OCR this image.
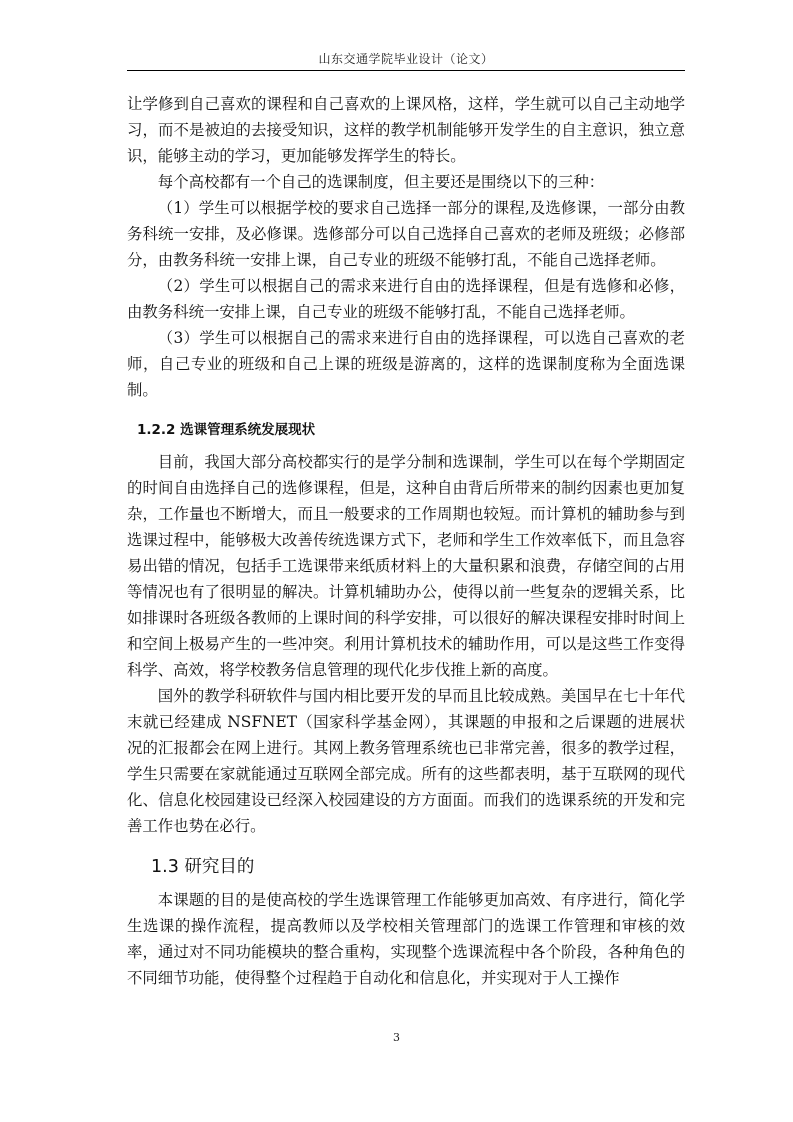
山东交通学院毕业设计（论文）

让学修到自己喜欢的课程和自己喜欢的上课风格，这样，学生就可以自己主动地学习，而不是被迫的去接受知识，这样的教学机制能够开发学生的自主意识，独立意识，能够主动的学习，更加能够发挥学生的特长。

每个高校都有一个自己的选课制度，但主要还是围绕以下的三种：

（1）学生可以根据学校的要求自己选择一部分的课程,及选修课，一部分由教务科统一安排，及必修课。选修部分可以自己选择自己喜欢的老师及班级；必修部分，由教务科统一安排上课，自己专业的班级不能够打乱，不能自己选择老师。

（2）学生可以根据自己的需求来进行自由的选择课程，但是有选修和必修，由教务科统一安排上课，自己专业的班级不能够打乱，不能自己选择老师。

（3）学生可以根据自己的需求来进行自由的选择课程，可以选自己喜欢的老师，自己专业的班级和自己上课的班级是游离的，这样的选课制度称为全面选课制。

1.2.2 选课管理系统发展现状

目前，我国大部分高校都实行的是学分制和选课制，学生可以在每个学期固定的时间自由选择自己的选修课程，但是，这种自由背后所带来的制约因素也更加复杂，工作量也不断增大，而且一般要求的工作周期也较短。而计算机的辅助参与到选课过程中，能够极大改善传统选课方式下，老师和学生工作效率低下，而且急容易出错的情况，包括手工选课带来纸质材料上的大量积累和浪费，存储空间的占用等情况也有了很明显的解决。计算机辅助办公，使得以前一些复杂的逻辑关系，比如排课时各班级各教师的上课时间的科学安排，可以很好的解决课程安排时时间上和空间上极易产生的一些冲突。利用计算机技术的辅助作用，可以是这些工作变得科学、高效，将学校教务信息管理的现代化步伐推上新的高度。

国外的教学科研软件与国内相比要开发的早而且比较成熟。美国早在七十年代末就已经建成 NSFNET（国家科学基金网），其课题的申报和之后课题的进展状况的汇报都会在网上进行。其网上教务管理系统也已非常完善，很多的教学过程，学生只需要在家就能通过互联网全部完成。所有的这些都表明，基于互联网的现代化、信息化校园建设已经深入校园建设的方方面面。而我们的选课系统的开发和完善工作也势在必行。

1.3 研究目的

本课题的目的是使高校的学生选课管理工作能够更加高效、有序进行，简化学生选课的操作流程，提高教师以及学校相关管理部门的选课工作管理和审核的效率，通过对不同功能模块的整合重构，实现整个选课流程中各个阶段，各种角色的不同细节功能，使得整个过程趋于自动化和信息化，并实现对于人工操作

3
